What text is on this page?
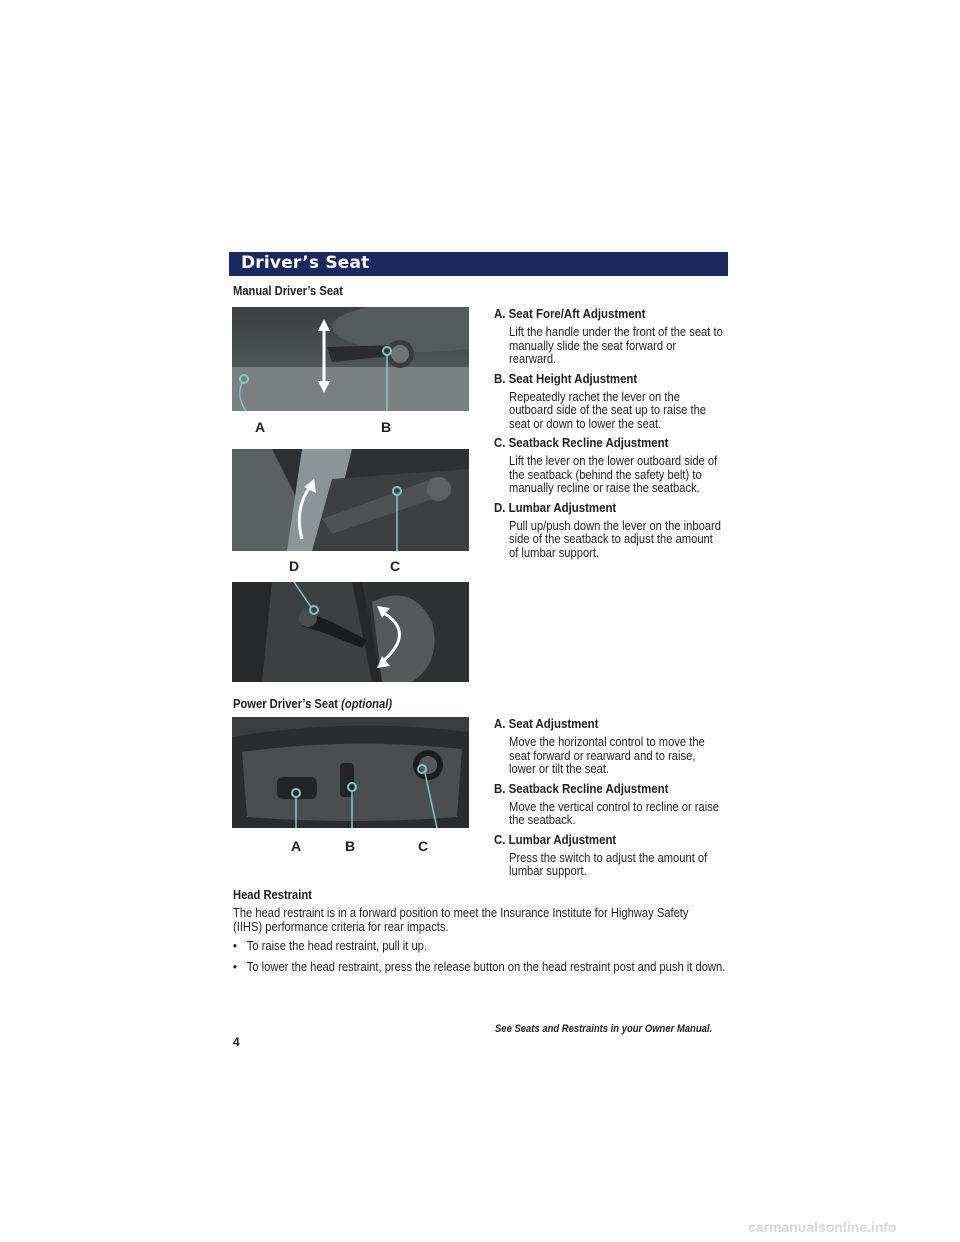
Driver’s Seat
Manual Driver’s Seat
A	B
D	C

A. Seat Fore/Aft Adjustment

Lift the handle under the front of the seat to manually slide the seat forward or rearward.

B. Seat Height Adjustment

Repeatedly rachet the lever on the outboard side of the seat up to raise the seat or down to lower the seat.

C. Seatback Recline Adjustment

Lift the lever on the lower outboard side of the seatback (behind the safety belt) to manually recline or raise the seatback.

D. Lumbar Adjustment

Pull up/push down the lever on the inboard side of the seatback to adjust the amount of lumbar support.

Power Driver’s Seat (optional)
A	B	C

A. Seat Adjustment

Move the horizontal control to move the seat forward or rearward and to raise, lower or tilt the seat.

B. Seatback Recline Adjustment

Move the vertical control to recline or raise the seatback.

C. Lumbar Adjustment

Press the switch to adjust the amount of lumbar support.

Head Restraint
The head restraint is in a forward position to meet the Insurance Institute for Highway Safety (IIHS) performance criteria for rear impacts.
• To raise the head restraint, pull it up.
• To lower the head restraint, press the release button on the head restraint post and push it down.
See Seats and Restraints in your Owner Manual.
4
carmanualsonline.info
